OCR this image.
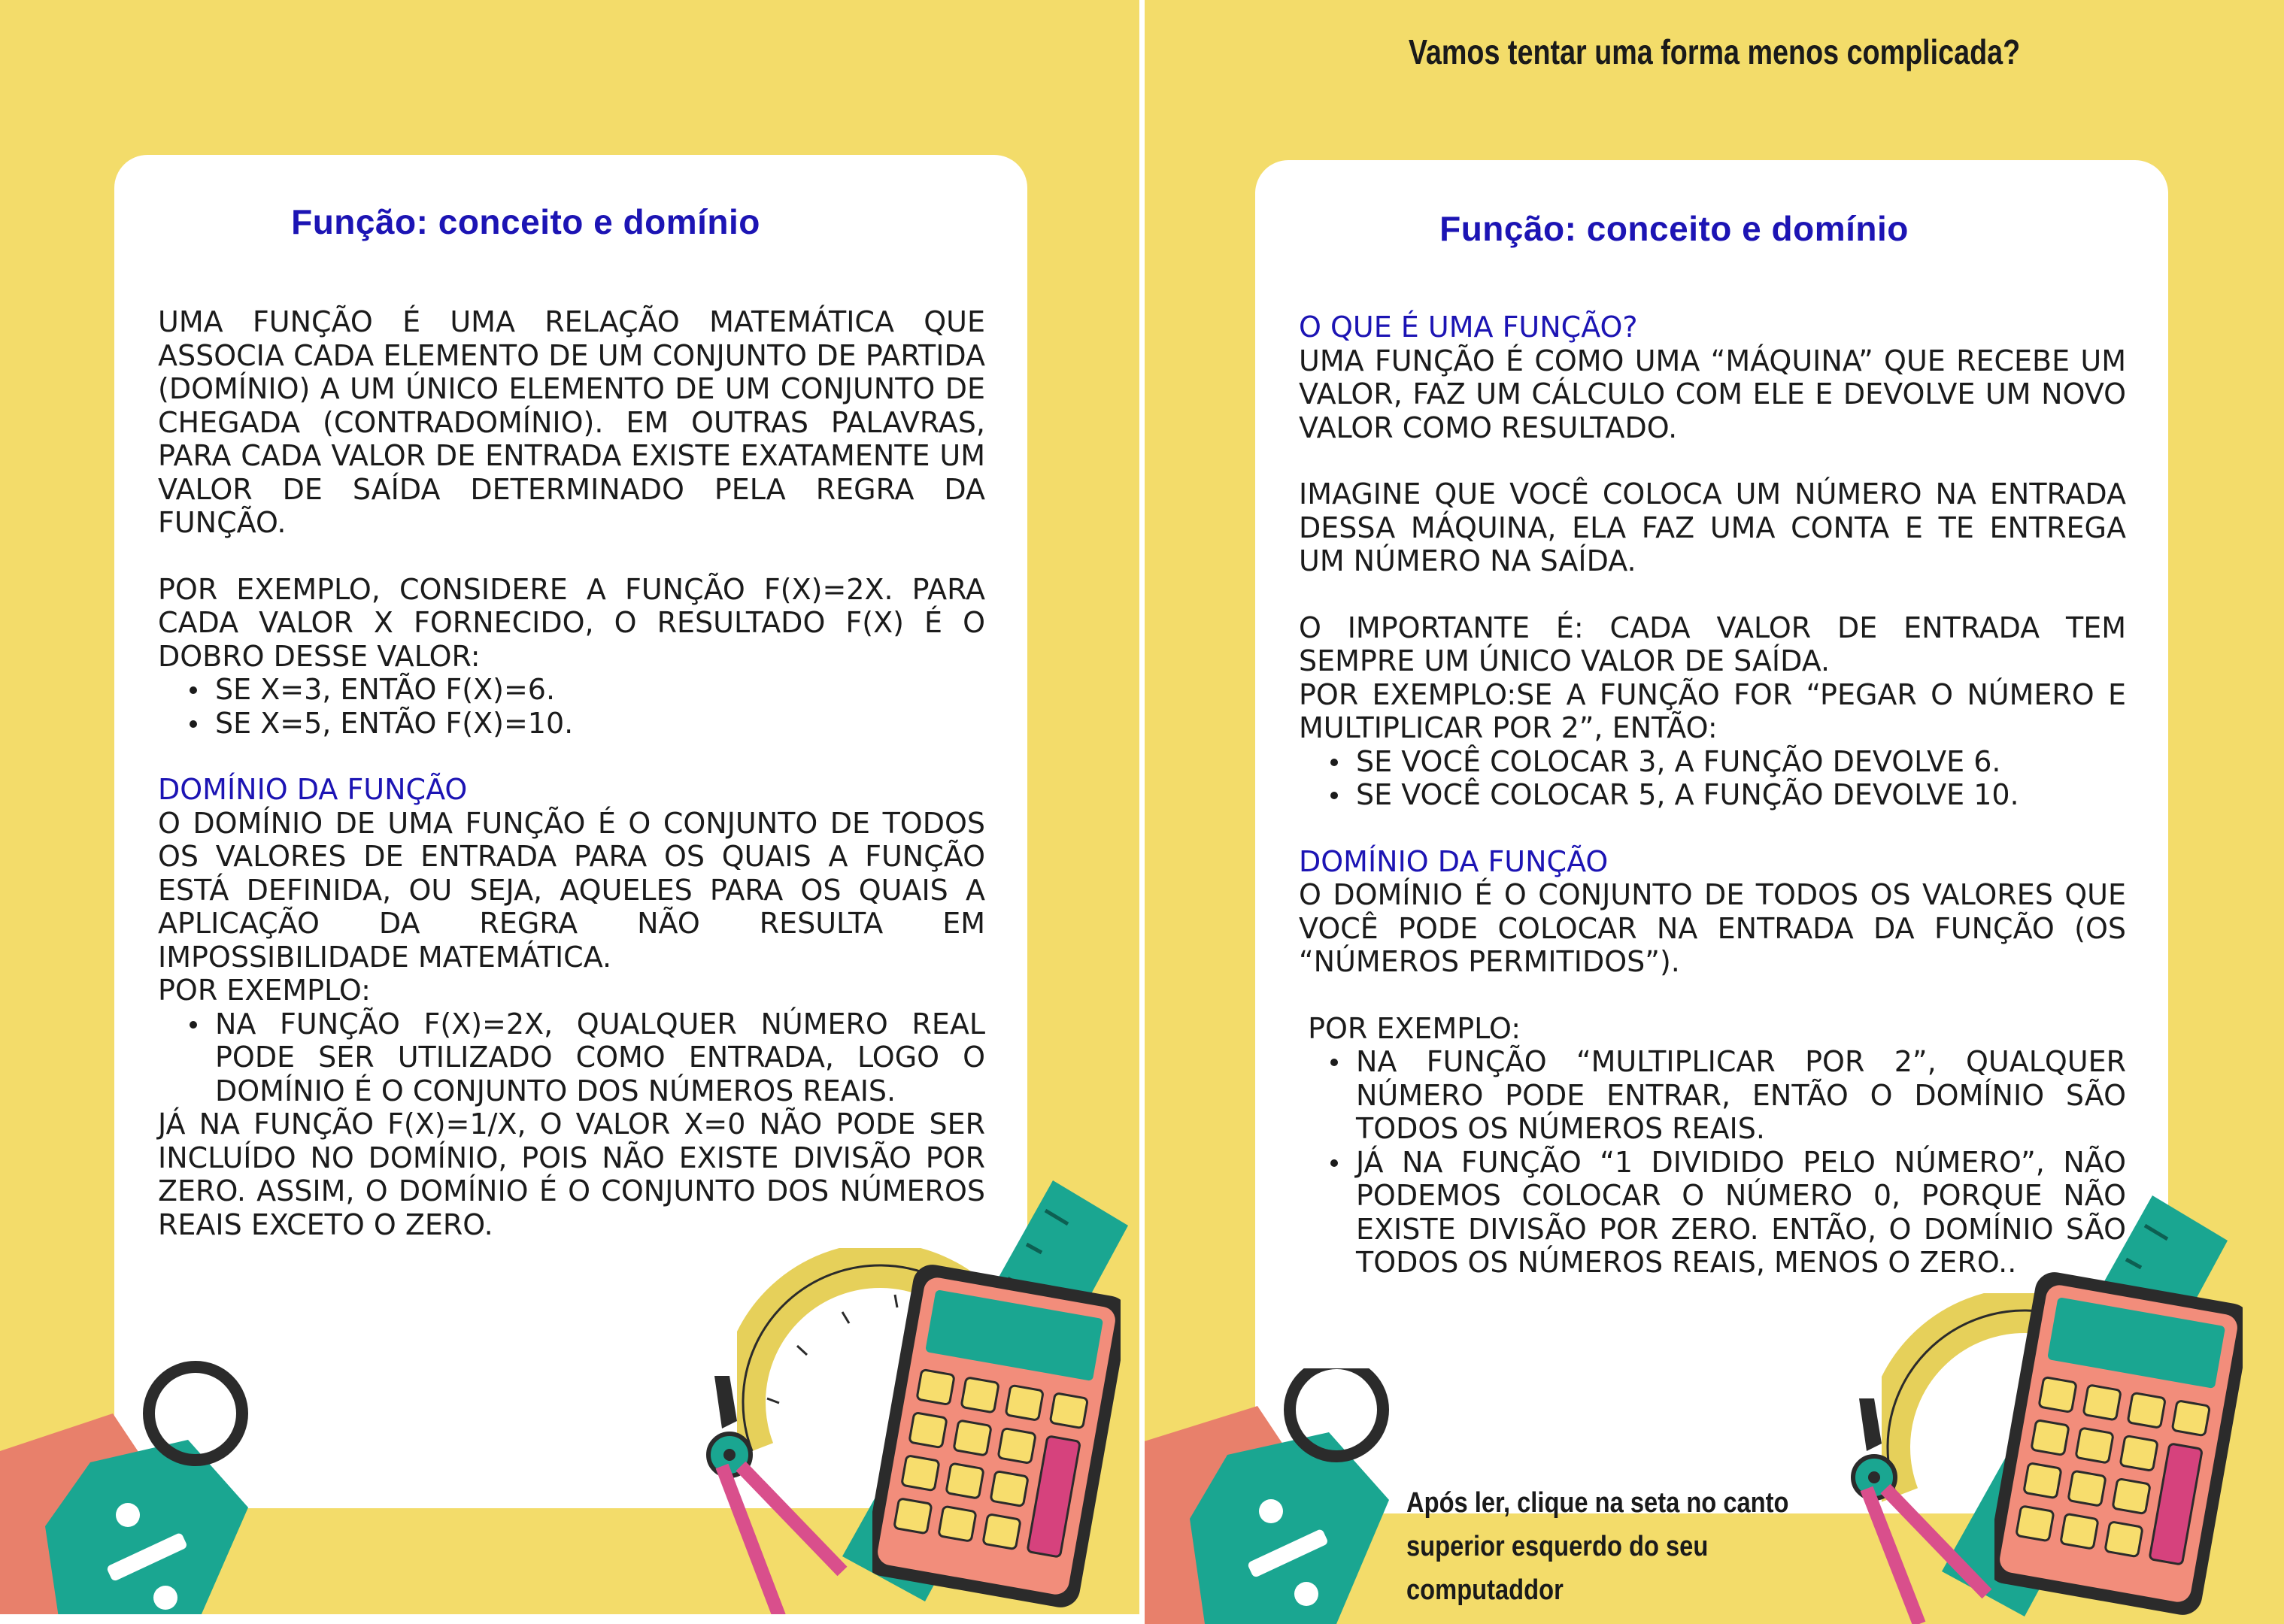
Função: conceito e domínio

UMA FUNÇÃO É UMA RELAÇÃO MATEMÁTICA QUE ASSOCIA CADA ELEMENTO DE UM CONJUNTO DE PARTIDA (DOMÍNIO) A UM ÚNICO ELEMENTO DE UM CONJUNTO DE CHEGADA (CONTRADOMÍNIO). EM OUTRAS PALAVRAS, PARA CADA VALOR DE ENTRADA EXISTE EXATAMENTE UM VALOR DE SAÍDA DETERMINADO PELA REGRA DA FUNÇÃO.

POR EXEMPLO, CONSIDERE A FUNÇÃO F(X)=2X. PARA CADA VALOR X FORNECIDO, O RESULTADO F(X) É O DOBRO DESSE VALOR:

SE X=3, ENTÃO F(X)=6.
SE X=5, ENTÃO F(X)=10.

DOMÍNIO DA FUNÇÃO

O DOMÍNIO DE UMA FUNÇÃO É O CONJUNTO DE TODOS OS VALORES DE ENTRADA PARA OS QUAIS A FUNÇÃO ESTÁ DEFINIDA, OU SEJA, AQUELES PARA OS QUAIS A APLICAÇÃO DA REGRA NÃO RESULTA EM IMPOSSIBILIDADE MATEMÁTICA.

POR EXEMPLO:

NA FUNÇÃO F(X)=2X, QUALQUER NÚMERO REAL PODE SER UTILIZADO COMO ENTRADA, LOGO O DOMÍNIO É O CONJUNTO DOS NÚMEROS REAIS.

JÁ NA FUNÇÃO F(X)=1/X, O VALOR X=0 NÃO PODE SER INCLUÍDO NO DOMÍNIO, POIS NÃO EXISTE DIVISÃO POR ZERO. ASSIM, O DOMÍNIO É O CONJUNTO DOS NÚMEROS REAIS EXCETO O ZERO.

Vamos tentar uma forma menos complicada?
Função: conceito e domínio

O QUE É UMA FUNÇÃO?

UMA FUNÇÃO É COMO UMA “MÁQUINA” QUE RECEBE UM VALOR, FAZ UM CÁLCULO COM ELE E DEVOLVE UM NOVO VALOR COMO RESULTADO.

IMAGINE QUE VOCÊ COLOCA UM NÚMERO NA ENTRADA DESSA MÁQUINA, ELA FAZ UMA CONTA E TE ENTREGA UM NÚMERO NA SAÍDA.

O IMPORTANTE É: CADA VALOR DE ENTRADA TEM SEMPRE UM ÚNICO VALOR DE SAÍDA.

POR EXEMPLO:SE A FUNÇÃO FOR “PEGAR O NÚMERO E MULTIPLICAR POR 2”, ENTÃO:

SE VOCÊ COLOCAR 3, A FUNÇÃO DEVOLVE 6.
SE VOCÊ COLOCAR 5, A FUNÇÃO DEVOLVE 10.

DOMÍNIO DA FUNÇÃO

O DOMÍNIO É O CONJUNTO DE TODOS OS VALORES QUE VOCÊ PODE COLOCAR NA ENTRADA DA FUNÇÃO (OS “NÚMEROS PERMITIDOS”).

POR EXEMPLO:

NA FUNÇÃO “MULTIPLICAR POR 2”, QUALQUER NÚMERO PODE ENTRAR, ENTÃO O DOMÍNIO SÃO TODOS OS NÚMEROS REAIS.
JÁ NA FUNÇÃO “1 DIVIDIDO PELO NÚMERO”, NÃO PODEMOS COLOCAR O NÚMERO 0, PORQUE NÃO EXISTE DIVISÃO POR ZERO. ENTÃO, O DOMÍNIO SÃO TODOS OS NÚMEROS REAIS, MENOS O ZERO..
Após ler, clique na seta no canto
superior esquerdo do seu computaddor
